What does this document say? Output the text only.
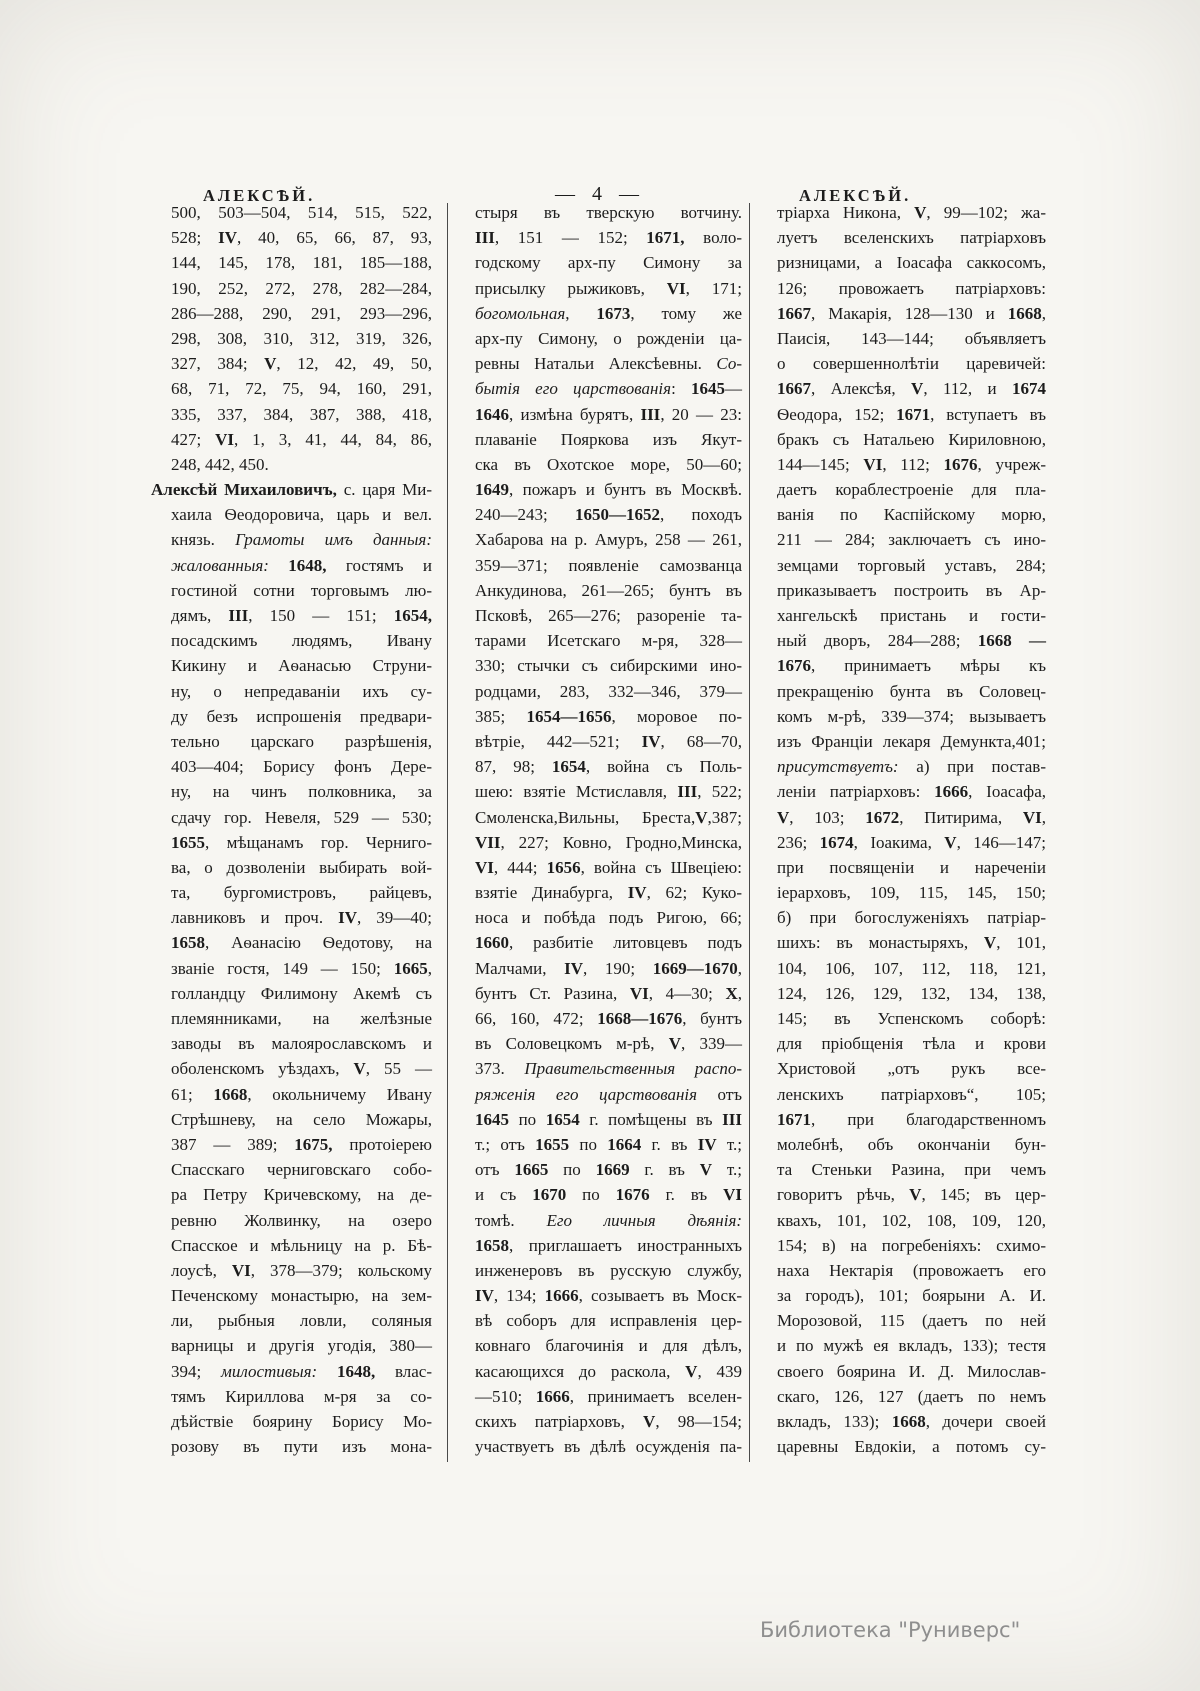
АЛЕКСѢЙ.	— 4 —	АЛЕКСѢЙ.
500, 503—504, 514, 515, 522,
528; IV, 40, 65, 66, 87, 93,
144, 145, 178, 181, 185—188,
190, 252, 272, 278, 282—284,
286—288, 290, 291, 293—296,
298, 308, 310, 312, 319, 326,
327, 384; V, 12, 42, 49, 50,
68, 71, 72, 75, 94, 160, 291,
335, 337, 384, 387, 388, 418,
427; VI, 1, 3, 41, 44, 84, 86,
248, 442, 450.
Алексѣй Михаиловичъ, с. царя Ми-
хаила Ѳеодоровича, царь и вел.
князь. Грамоты имъ данныя:
жалованныя: 1648, гостямъ и
гостиной сотни торговымъ лю-
дямъ, III, 150 — 151; 1654,
посадскимъ людямъ, Ивану
Кикину и Аѳанасью Струни-
ну, о непредаваніи ихъ су-
ду безъ испрошенія предвари-
тельно царскаго разрѣшенія,
403—404; Борису фонъ Дере-
ну, на чинъ полковника, за
сдачу гор. Невеля, 529 — 530;
1655, мѣщанамъ гор. Черниго-
ва, о дозволеніи выбирать вой-
та, бургомистровъ, райцевъ,
лавниковъ и проч. IV, 39—40;
1658, Аѳанасію Ѳедотову, на
званіе гостя, 149 — 150; 1665,
голландцу Филимону Акемѣ съ
племянниками, на желѣзные
заводы въ малоярославскомъ и
оболенскомъ уѣздахъ, V, 55 —
61; 1668, окольничему Ивану
Стрѣшневу, на село Можары,
387 — 389; 1675, протоіерею
Спасскаго черниговскаго собо-
ра Петру Кричевскому, на де-
ревню Жолвинку, на озеро
Спасское и мѣльницу на р. Бѣ-
лоусѣ, VI, 378—379; кольскому
Печенскому монастырю, на зем-
ли, рыбныя ловли, соляныя
варницы и другія угодія, 380—
394; милостивыя: 1648, влас-
тямъ Кириллова м-ря за со-
дѣйствіе боярину Борису Мо-
розову въ пути изъ мона-
стыря въ тверскую вотчину.
III, 151 — 152; 1671, воло-
годскому арх-пу Симону за
присылку рыжиковъ, VI, 171;
богомольная, 1673, тому же
арх-пу Симону, о рожденіи ца-
ревны Натальи Алексѣевны. Со-
бытія его царствованія: 1645—
1646, измѣна бурятъ, III, 20 — 23:
плаваніе Пояркова изъ Якут-
ска въ Охотское море, 50—60;
1649, пожаръ и бунтъ въ Москвѣ.
240—243; 1650—1652, походъ
Хабарова на р. Амуръ, 258 — 261,
359—371; появленіе самозванца
Анкудинова, 261—265; бунтъ въ
Псковѣ, 265—276; разореніе та-
тарами Исетскаго м-ря, 328—
330; стычки съ сибирскими ино-
родцами, 283, 332—346, 379—
385; 1654—1656, моровое по-
вѣтріе, 442—521; IV, 68—70,
87, 98; 1654, война съ Поль-
шею: взятіе Мстиславля, III, 522;
Смоленска,Вильны, Бреста,V,387;
VII, 227; Ковно, Гродно,Минска,
VI, 444; 1656, война съ Швеціею:
взятіе Динабурга, IV, 62; Куко-
носа и побѣда подъ Ригою, 66;
1660, разбитіе литовцевъ подъ
Малчами, IV, 190; 1669—1670,
бунтъ Ст. Разина, VI, 4—30; X,
66, 160, 472; 1668—1676, бунтъ
въ Соловецкомъ м-рѣ, V, 339—
373. Правительственныя распо-
ряженія его царствованія отъ
1645 по 1654 г. помѣщены въ III
т.; отъ 1655 по 1664 г. въ IV т.;
отъ 1665 по 1669 г. въ V т.;
и съ 1670 по 1676 г. въ VI
томѣ. Его личныя дѣянія:
1658, приглашаетъ иностранныхъ
инженеровъ въ русскую службу,
IV, 134; 1666, созываетъ въ Моск-
вѣ соборъ для исправленія цер-
ковнаго благочинія и для дѣлъ,
касающихся до раскола, V, 439
—510; 1666, принимаетъ вселен-
скихъ патріарховъ, V, 98—154;
участвуетъ въ дѣлѣ осужденія па-
тріарха Никона, V, 99—102; жа-
луетъ вселенскихъ патріарховъ
ризницами, а Іоасафа саккосомъ,
126; провожаетъ патріарховъ:
1667, Макарія, 128—130 и 1668,
Паисія, 143—144; объявляетъ
о совершеннолѣтіи царевичей:
1667, Алексѣя, V, 112, и 1674
Ѳеодора, 152; 1671, вступаетъ въ
бракъ съ Натальею Кириловною,
144—145; VI, 112; 1676, учреж-
даетъ кораблестроеніе для пла-
ванія по Каспійскому морю,
211 — 284; заключаетъ съ ино-
земцами торговый уставъ, 284;
приказываетъ построить въ Ар-
хангельскѣ пристань и гости-
ный дворъ, 284—288; 1668 —
1676, принимаетъ мѣры къ
прекращенію бунта въ Соловец-
комъ м-рѣ, 339—374; вызываетъ
изъ Франціи лекаря Демункта,401;
присутствуетъ: а) при постав-
леніи патріарховъ: 1666, Іоасафа,
V, 103; 1672, Питирима, VI,
236; 1674, Іоакима, V, 146—147;
при посвященіи и нареченіи
іерарховъ, 109, 115, 145, 150;
б) при богослуженіяхъ патріар-
шихъ: въ монастыряхъ, V, 101,
104, 106, 107, 112, 118, 121,
124, 126, 129, 132, 134, 138,
145; въ Успенскомъ соборѣ:
для пріобщенія тѣла и крови
Христовой „отъ рукъ все-
ленскихъ патріарховъ“, 105;
1671, при благодарственномъ
молебнѣ, объ окончаніи бун-
та Стеньки Разина, при чемъ
говоритъ рѣчь, V, 145; въ цер-
квахъ, 101, 102, 108, 109, 120,
154; в) на погребеніяхъ: схимо-
наха Нектарія (провожаетъ его
за городъ), 101; боярыни А. И.
Морозовой, 115 (даетъ по ней
и по мужѣ ея вкладъ, 133); тестя
своего боярина И. Д. Милослав-
скаго, 126, 127 (даетъ по немъ
вкладъ, 133); 1668, дочери своей
царевны Евдокіи, а потомъ су-
Библиотека "Руниверс"
